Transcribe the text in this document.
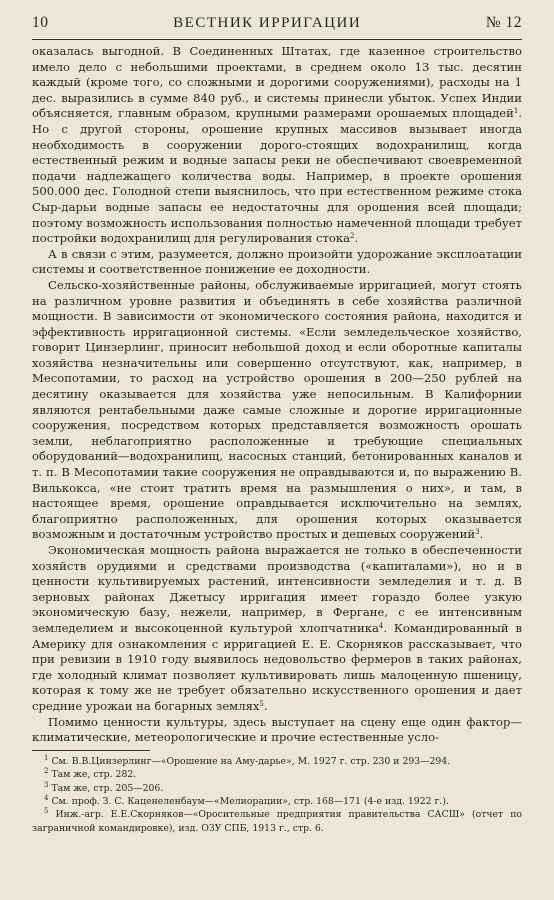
10	ВЕСТНИК ИРРИГАЦИИ	№ 12

оказалась выгодной. В Соединенных Штатах, где казенное строительство имело дело с небольшими проектами, в среднем около 13 тыс. десятин каждый (кроме того, со сложными и дорогими сооружениями), расходы на 1 дес. выразились в сумме 840 руб., и системы принесли убыток. Успех Индии объясняется, главным образом, крупными размерами орошаемых площадей$^1$. Но с другой стороны, орошение крупных массивов вызывает иногда необходимость в сооружении дорого-стоящих водохранилищ, когда естественный режим и водные запасы реки не обеспечивают своевременной подачи надлежащего количества воды. Например, в проекте орошения 500.000 дес. Голодной степи выяснилось, что при естественном режиме стока Сыр-дарьи водные запасы ее недостаточны для орошения всей площади; поэтому возможность использования полностью намеченной площади требует постройки водохранилищ для регулирования стока$^2$.

А в связи с этим, разумеется, должно произойти удорожание эксплоатации системы и соответственное понижение ее доходности.

Сельско-хозяйственные районы, обслуживаемые ирригацией, могут стоять на различном уровне развития и объединять в себе хозяйства различной мощности. В зависимости от экономического состояния района, находится и эффективность ирригационной системы. «Если земледельческое хозяйство, говорит Цинзерлинг, приносит небольшой доход и если оборотные капиталы хозяйства незначительны или совершенно отсутствуют, как, например, в Месопотамии, то расход на устройство орошения в 200—250 рублей на десятину оказывается для хозяйства уже непосильным. В Калифорнии являются рентабельными даже самые сложные и дорогие ирригационные сооружения, посредством которых представляется возможность орошать земли, неблагоприятно расположенные и требующие специальных оборудований—водохранилищ, насосных станций, бетонированных каналов и т. п. В Месопотамии такие сооружения не оправдываются и, по выражению В. Вилькокса, «не стоит тратить время на размышления о них», и там, в настоящее время, орошение оправдывается исключительно на землях, благоприятно расположенных, для орошения которых оказывается возможным и достаточным устройство простых и дешевых сооружений$^3$.

Экономическая мощность района выражается не только в обеспеченности хозяйств орудиями и средствами производства («капиталами»), но и в ценности культивируемых растений, интенсивности земледелия и т. д. В зерновых районах Джетысу ирригация имеет гораздо более узкую экономическую базу, нежели, например, в Фергане, с ее интенсивным земледелием и высокоценной культурой хлопчатника$^4$. Командированный в Америку для ознакомления с ирригацией Е. Е. Скорняков рассказывает, что при ревизии в 1910 году выявилось недовольство фермеров в таких районах, где холодный климат позволяет культивировать лишь малоценную пшеницу, которая к тому же не требует обязательно искусственного орошения и дает средние урожаи на богарных землях$^5$.

Помимо ценности культуры, здесь выступает на сцену еще один фактор—климатические, метеорологические и прочие естественные усло-

$^1$ См. В.В.Цинзерлинг—«Орошение на Аму-дарье», М. 1927 г. стр. 230 и 293—294.
$^2$ Там же, стр. 282.
$^3$ Там же, стр. 205—206.
$^4$ См. проф. З. С. Каценеленбаум—«Мелиорации», стр. 168—171 (4-е изд. 1922 г.).
$^5$ Инж.-агр. Е.Е.Скорняков—«Оросительные предприятия правительства САСШ» (отчет по заграничной командировке), изд. ОЗУ СПБ, 1913 г., стр. 6.
